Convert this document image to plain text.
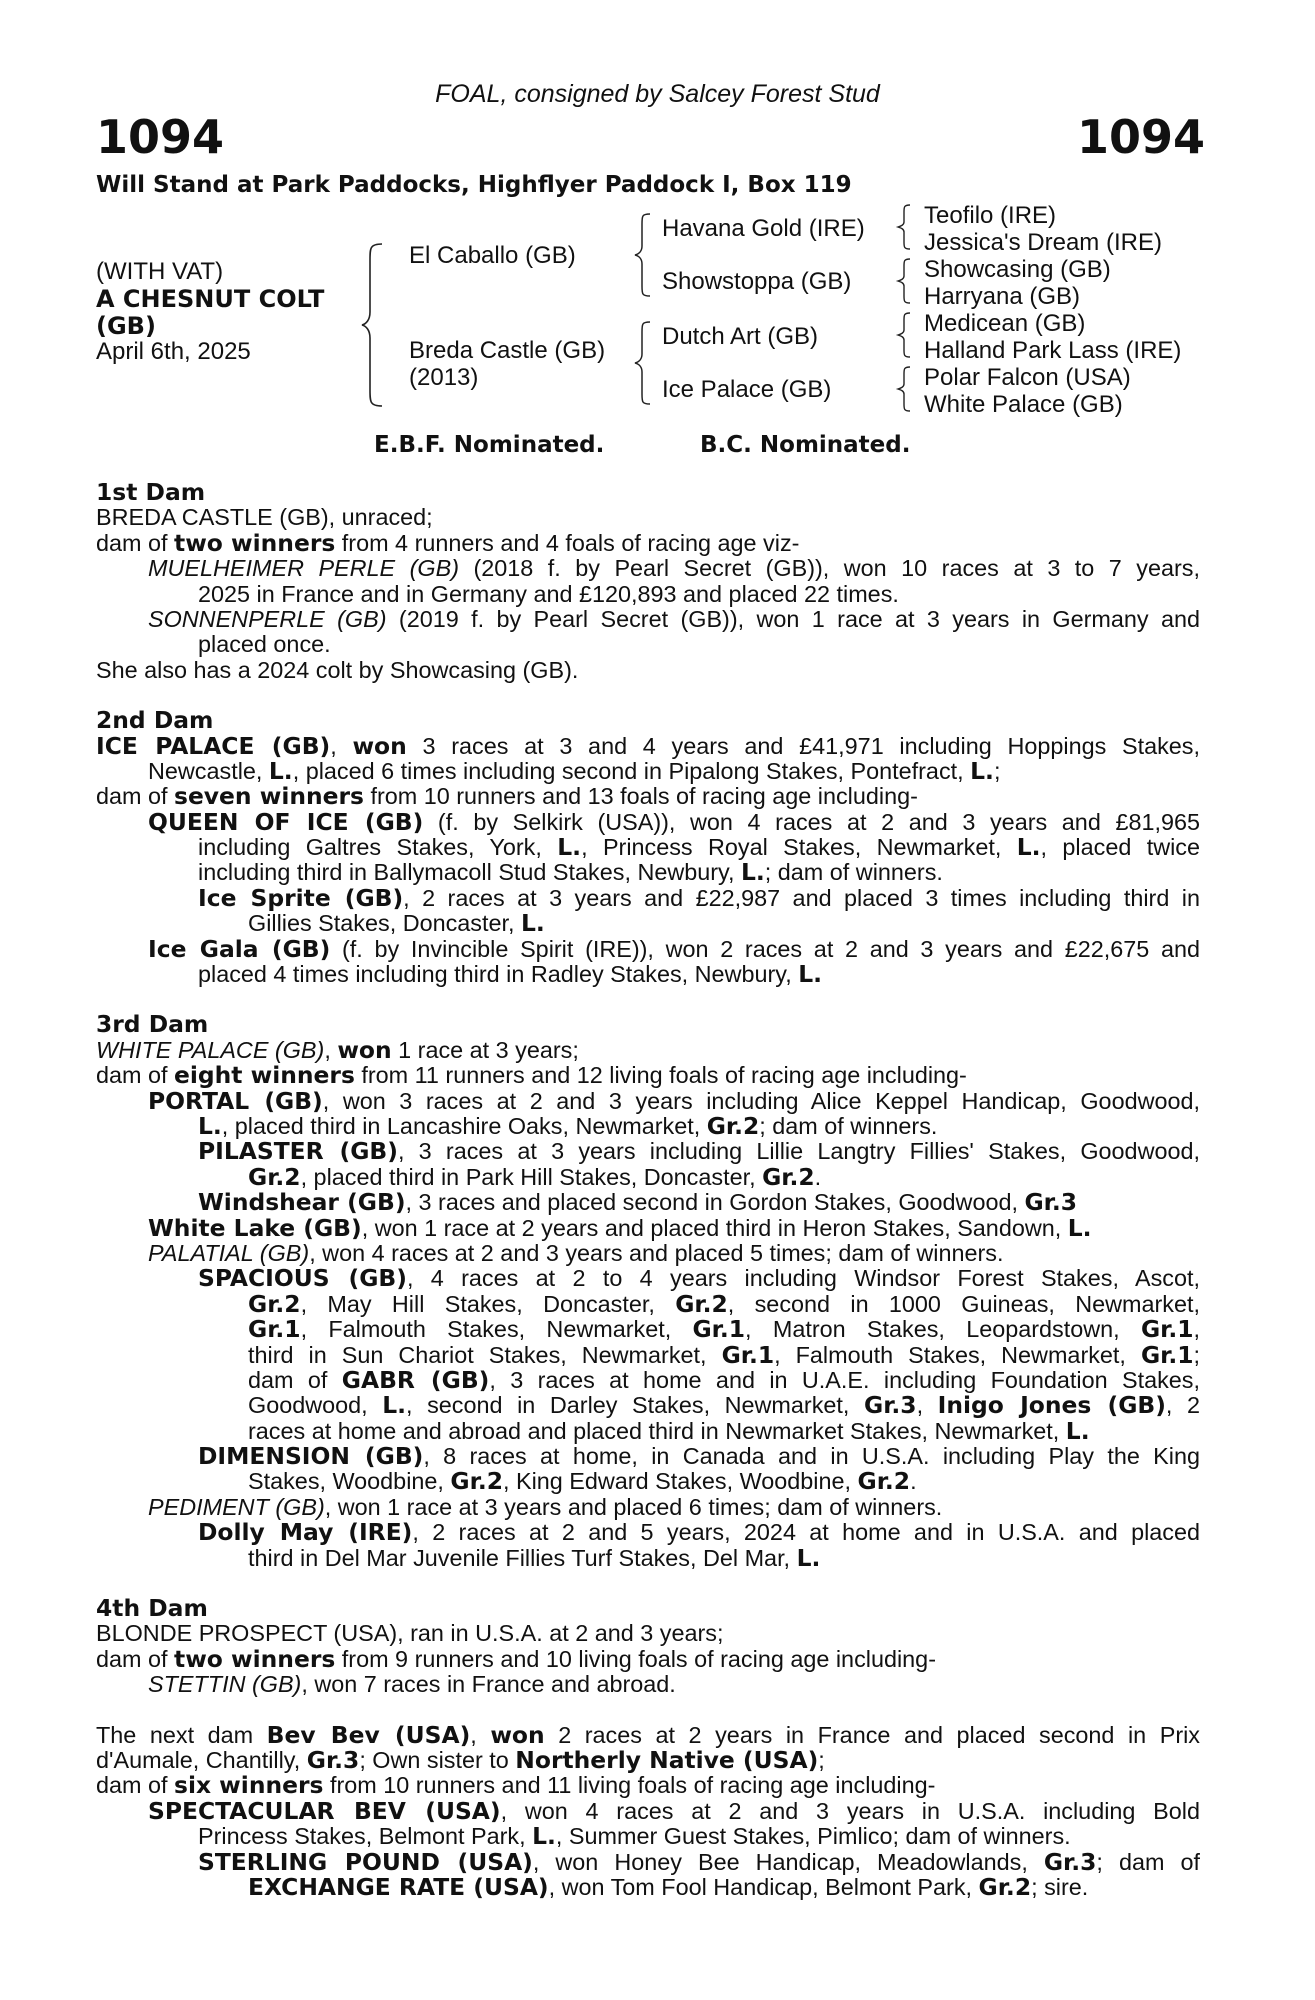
FOAL, consigned by Salcey Forest Stud
1094	1094
Will Stand at Park Paddocks, Highflyer Paddock I, Box 119
(WITH VAT)
A CHESNUT COLT
(GB)
April 6th, 2025
El Caballo (GB)
Breda Castle (GB)
(2013)
Havana Gold (IRE)
Showstoppa (GB)
Dutch Art (GB)
Ice Palace (GB)
Teofilo (IRE)
Jessica's Dream (IRE)
Showcasing (GB)
Harryana (GB)
Medicean (GB)
Halland Park Lass (IRE)
Polar Falcon (USA)
White Palace (GB)
E.B.F. Nominated.	B.C. Nominated.
1st Dam
BREDA CASTLE (GB), unraced;
dam of two winners from 4 runners and 4 foals of racing age viz-
MUELHEIMER PERLE (GB) (2018 f. by Pearl Secret (GB)), won 10 races at 3 to 7 years,
2025 in France and in Germany and £120,893 and placed 22 times.
SONNENPERLE (GB) (2019 f. by Pearl Secret (GB)), won 1 race at 3 years in Germany and
placed once.
She also has a 2024 colt by Showcasing (GB).
2nd Dam
ICE PALACE (GB), won 3 races at 3 and 4 years and £41,971 including Hoppings Stakes,
Newcastle, L., placed 6 times including second in Pipalong Stakes, Pontefract, L.;
dam of seven winners from 10 runners and 13 foals of racing age including-
QUEEN OF ICE (GB) (f. by Selkirk (USA)), won 4 races at 2 and 3 years and £81,965
including Galtres Stakes, York, L., Princess Royal Stakes, Newmarket, L., placed twice
including third in Ballymacoll Stud Stakes, Newbury, L.; dam of winners.
Ice Sprite (GB), 2 races at 3 years and £22,987 and placed 3 times including third in
Gillies Stakes, Doncaster, L.
Ice Gala (GB) (f. by Invincible Spirit (IRE)), won 2 races at 2 and 3 years and £22,675 and
placed 4 times including third in Radley Stakes, Newbury, L.
3rd Dam
WHITE PALACE (GB), won 1 race at 3 years;
dam of eight winners from 11 runners and 12 living foals of racing age including-
PORTAL (GB), won 3 races at 2 and 3 years including Alice Keppel Handicap, Goodwood,
L., placed third in Lancashire Oaks, Newmarket, Gr.2; dam of winners.
PILASTER (GB), 3 races at 3 years including Lillie Langtry Fillies' Stakes, Goodwood,
Gr.2, placed third in Park Hill Stakes, Doncaster, Gr.2.
Windshear (GB), 3 races and placed second in Gordon Stakes, Goodwood, Gr.3
White Lake (GB), won 1 race at 2 years and placed third in Heron Stakes, Sandown, L.
PALATIAL (GB), won 4 races at 2 and 3 years and placed 5 times; dam of winners.
SPACIOUS (GB), 4 races at 2 to 4 years including Windsor Forest Stakes, Ascot,
Gr.2, May Hill Stakes, Doncaster, Gr.2, second in 1000 Guineas, Newmarket,
Gr.1, Falmouth Stakes, Newmarket, Gr.1, Matron Stakes, Leopardstown, Gr.1,
third in Sun Chariot Stakes, Newmarket, Gr.1, Falmouth Stakes, Newmarket, Gr.1;
dam of GABR (GB), 3 races at home and in U.A.E. including Foundation Stakes,
Goodwood, L., second in Darley Stakes, Newmarket, Gr.3, Inigo Jones (GB), 2
races at home and abroad and placed third in Newmarket Stakes, Newmarket, L.
DIMENSION (GB), 8 races at home, in Canada and in U.S.A. including Play the King
Stakes, Woodbine, Gr.2, King Edward Stakes, Woodbine, Gr.2.
PEDIMENT (GB), won 1 race at 3 years and placed 6 times; dam of winners.
Dolly May (IRE), 2 races at 2 and 5 years, 2024 at home and in U.S.A. and placed
third in Del Mar Juvenile Fillies Turf Stakes, Del Mar, L.
4th Dam
BLONDE PROSPECT (USA), ran in U.S.A. at 2 and 3 years;
dam of two winners from 9 runners and 10 living foals of racing age including-
STETTIN (GB), won 7 races in France and abroad.
The next dam Bev Bev (USA), won 2 races at 2 years in France and placed second in Prix
d'Aumale, Chantilly, Gr.3; Own sister to Northerly Native (USA);
dam of six winners from 10 runners and 11 living foals of racing age including-
SPECTACULAR BEV (USA), won 4 races at 2 and 3 years in U.S.A. including Bold
Princess Stakes, Belmont Park, L., Summer Guest Stakes, Pimlico; dam of winners.
STERLING POUND (USA), won Honey Bee Handicap, Meadowlands, Gr.3; dam of
EXCHANGE RATE (USA), won Tom Fool Handicap, Belmont Park, Gr.2; sire.
